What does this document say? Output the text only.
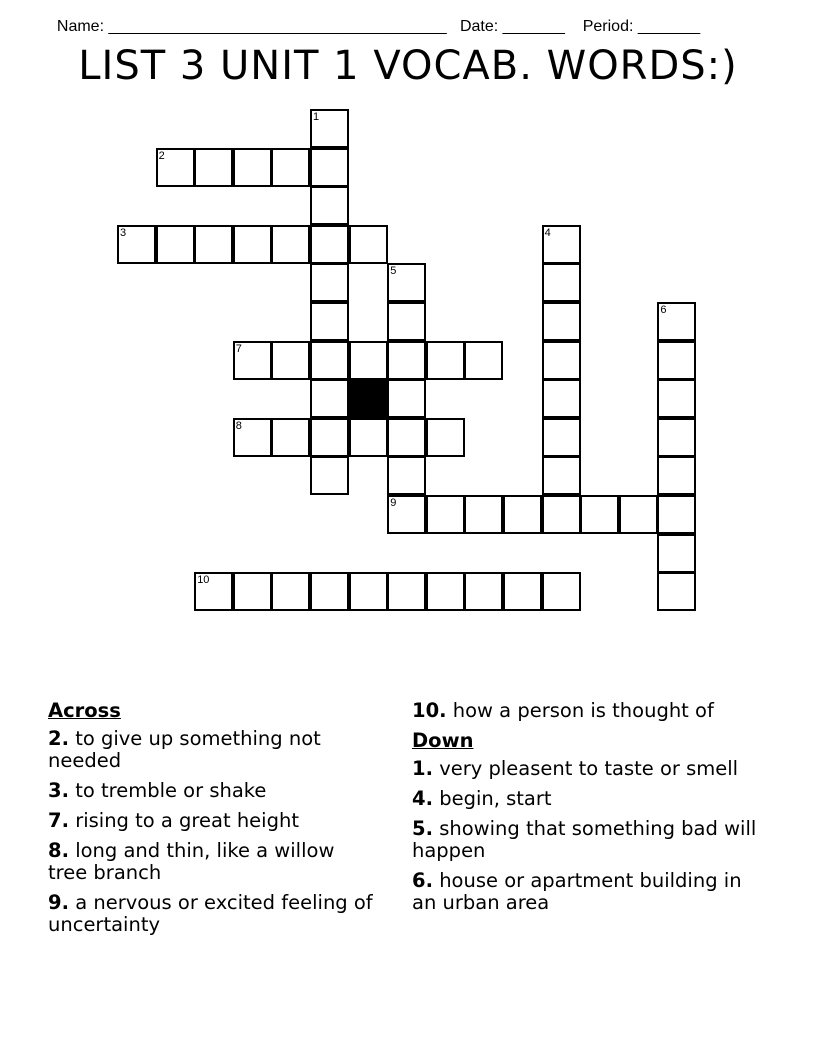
Name: ______________________________________ Date: _______ Period: _______

LIST 3 UNIT 1 VOCAB. WORDS:)
1
2
3	4
5
9
6
7
8
10
Across
2. to give up something not needed
3. to tremble or shake
7. rising to a great height
8. long and thin, like a willow tree branch
9. a nervous or excited feeling of uncertainty
10. how a person is thought of
Down
1. very pleasent to taste or smell
4. begin, start
5. showing that something bad will happen
6. house or apartment building in an urban area
